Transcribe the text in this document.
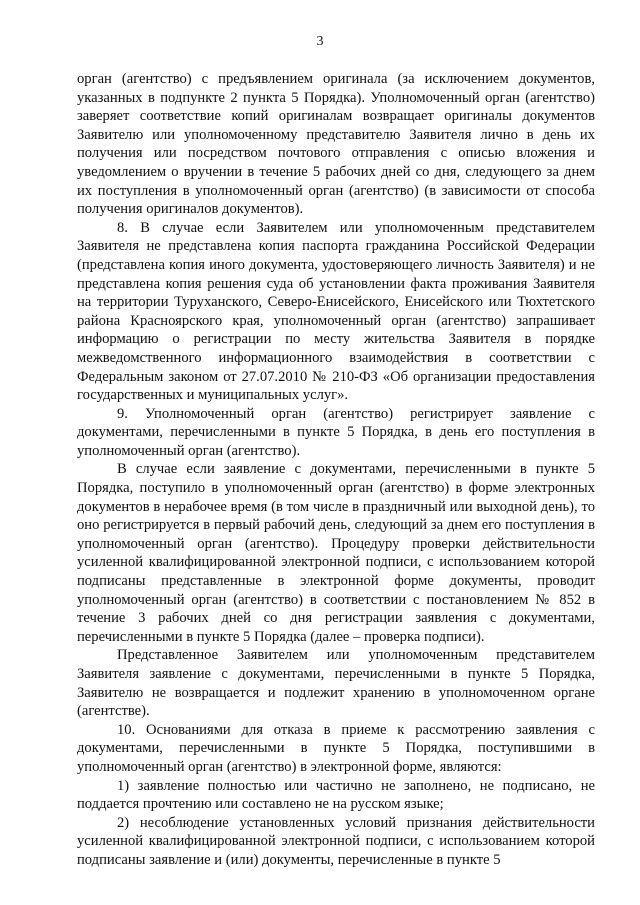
3

орган (агентство) с предъявлением оригинала (за исключением документов, указанных в подпункте 2 пункта 5 Порядка). Уполномоченный орган (агентство) заверяет соответствие копий оригиналам возвращает оригиналы документов Заявителю или уполномоченному представителю Заявителя лично в день их получения или посредством почтового отправления с описью вложения и уведомлением о вручении в течение 5 рабочих дней со дня, следующего за днем их поступления в уполномоченный орган (агентство) (в зависимости от способа получения оригиналов документов).

8. В случае если Заявителем или уполномоченным представителем Заявителя не представлена копия паспорта гражданина Российской Федерации (представлена копия иного документа, удостоверяющего личность Заявителя) и не представлена копия решения суда об установлении факта проживания Заявителя на территории Туруханского, Северо-Енисейского, Енисейского или Тюхтетского района Красноярского края, уполномоченный орган (агентство) запрашивает информацию о регистрации по месту жительства Заявителя в порядке межведомственного информационного взаимодействия в соответствии с Федеральным законом от 27.07.2010 № 210-ФЗ «Об организации предоставления государственных и муниципальных услуг».

9. Уполномоченный орган (агентство) регистрирует заявление с документами, перечисленными в пункте 5 Порядка, в день его поступления в уполномоченный орган (агентство).

В случае если заявление с документами, перечисленными в пункте 5 Порядка, поступило в уполномоченный орган (агентство) в форме электронных документов в нерабочее время (в том числе в праздничный или выходной день), то оно регистрируется в первый рабочий день, следующий за днем его поступления в уполномоченный орган (агентство). Процедуру проверки действительности усиленной квалифицированной электронной подписи, с использованием которой подписаны представленные в электронной форме документы, проводит уполномоченный орган (агентство) в соответствии с постановлением № 852 в течение 3 рабочих дней со дня регистрации заявления с документами, перечисленными в пункте 5 Порядка (далее – проверка подписи).

Представленное Заявителем или уполномоченным представителем Заявителя заявление с документами, перечисленными в пункте 5 Порядка, Заявителю не возвращается и подлежит хранению в уполномоченном органе (агентстве).

10. Основаниями для отказа в приеме к рассмотрению заявления с документами, перечисленными в пункте 5 Порядка, поступившими в уполномоченный орган (агентство) в электронной форме, являются:

1) заявление полностью или частично не заполнено, не подписано, не поддается прочтению или составлено не на русском языке;

2) несоблюдение установленных условий признания действительности усиленной квалифицированной электронной подписи, с использованием которой подписаны заявление и (или) документы, перечисленные в пункте 5
